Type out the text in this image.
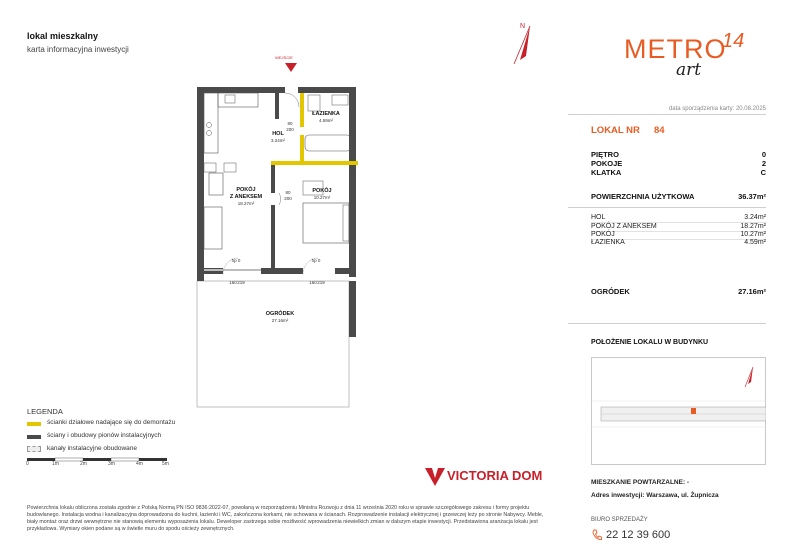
lokal mieszkalny
karta informacyjna inwestycji
N
METRO
14
art
data sporządzenia karty: 20.08.2025
LOKAL NR 84
PIĘTRO	0
POKOJE	2
KLATKA	C
POWIERZCHNIA UŻYTKOWA	36.37m²
HOL	3.24m²
POKÓJ Z ANEKSEM	18.27m²
POKÓJ	10.27m²
ŁAZIENKA	4.59m²
OGRÓDEK	27.16m²
POŁOŻENIE LOKALU W BUDYNKU
MIESZKANIE POWTARZALNE: -
Adres inwestycji: Warszawa, ul. Żupnicza
BIURO SPRZEDAŻY
22 12 39 600
WEJŚCIE
ŁAZIENKA
4.59m²
HOL
3.24m²
80
200
POKÓJ
Z ANEKSEM
18.27m²
80
200
POKÓJ
10.27m²
hp 0	hp 0
160 219	160 219
OGRÓDEK
27.16m²
LEGENDA
ścianki działowe nadające się do demontażu
ściany i obudowy pionów instalacyjnych
kanały instalacyjne obudowane
0	1m	2m	3m	4m	5m
VICTORIA DOM
Powierzchnia lokalu obliczona została zgodnie z Polską Normą PN ISO 9836:2022-07, powołaną w rozporządzeniu Ministra Rozwoju z dnia 11 września 2020 roku w sprawie szczegółowego zakresu i formy projektu budowlanego. Instalacja wodna i kanalizacyjna doprowadzona do kuchni, łazienki i WC, zakończona korkami, nie schowana w ścianach. Rozprowadzenie instalacji elektrycznej i grzewczej leży po stronie Nabywcy. Meble, biały montaż oraz drzwi wewnętrzne nie stanowią elementu wyposażenia lokalu. Deweloper zastrzega sobie możliwość wprowadzenia niewielkich zmian w dalszym etapie inwestycji. Przedstawiona aranżacja lokalu jest przykładowa. Wymiary okien podane są w świetle muru do spodu ościeży zewnętrznych.
